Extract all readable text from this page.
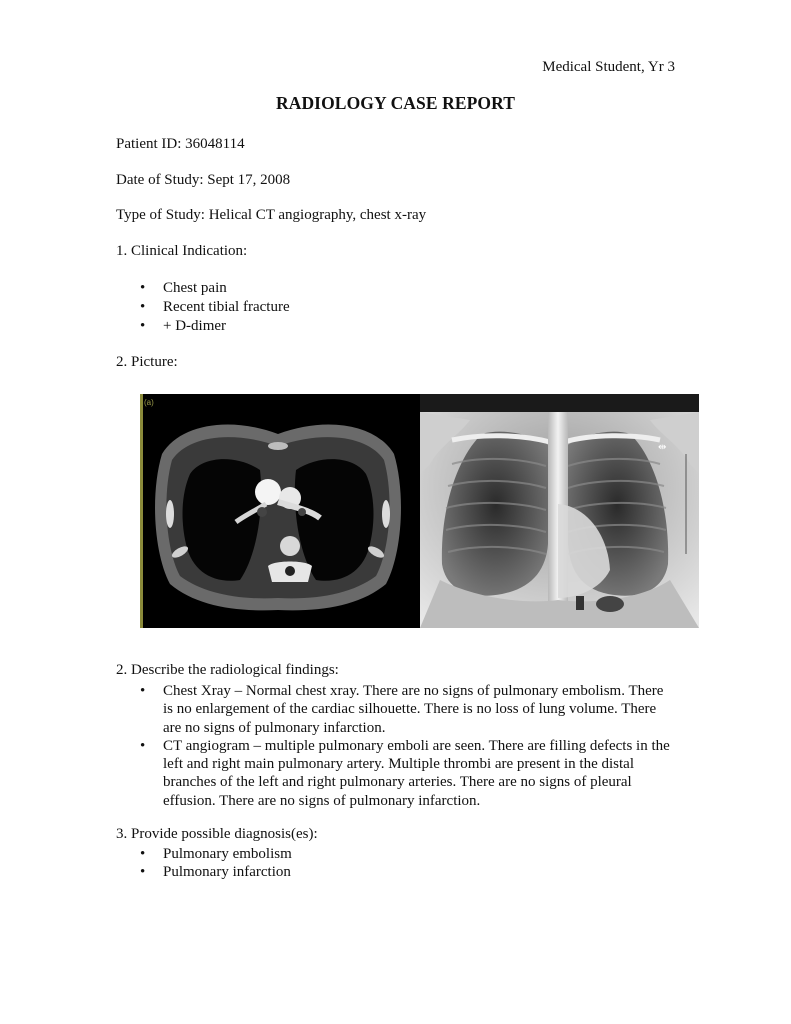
Medical Student, Yr 3
RADIOLOGY CASE REPORT
Patient ID: 36048114
Date of Study: Sept 17, 2008
Type of Study: Helical CT angiography, chest x-ray
1. Clinical Indication:
• Chest pain
• Recent tibial fracture
• + D-dimer
2. Picture:
(a)
⇹
2. Describe the radiological findings:
• Chest Xray – Normal chest xray. There are no signs of pulmonary embolism. There is no enlargement of the cardiac silhouette. There is no loss of lung volume. There are no signs of pulmonary infarction.
• CT angiogram – multiple pulmonary emboli are seen. There are filling defects in the left and right main pulmonary artery. Multiple thrombi are present in the distal branches of the left and right pulmonary arteries. There are no signs of pleural effusion. There are no signs of pulmonary infarction.
3. Provide possible diagnosis(es):
• Pulmonary embolism
• Pulmonary infarction
